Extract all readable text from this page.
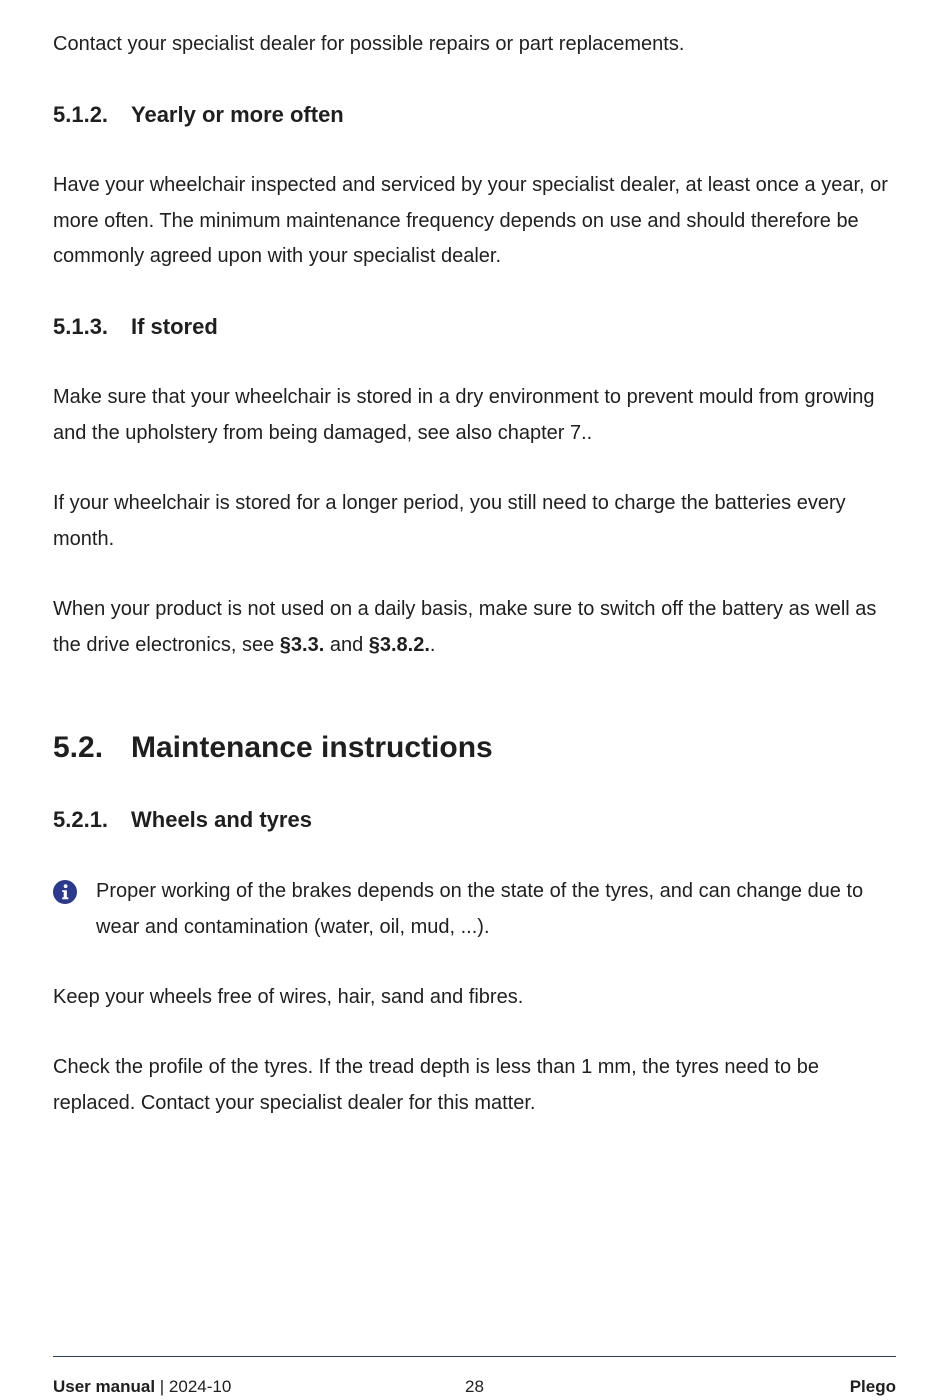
Contact your specialist dealer for possible repairs or part replacements.

5.1.2. Yearly or more often

Have your wheelchair inspected and serviced by your specialist dealer, at least once a year, or more often. The minimum maintenance frequency depends on use and should therefore be commonly agreed upon with your specialist dealer.

5.1.3. If stored

Make sure that your wheelchair is stored in a dry environment to prevent mould from growing and the upholstery from being damaged, see also chapter 7..

If your wheelchair is stored for a longer period, you still need to charge the batteries every month.

When your product is not used on a daily basis, make sure to switch off the battery as well as the drive electronics, see §3.3. and §3.8.2..

5.2. Maintenance instructions
5.2.1. Wheels and tyres

Proper working of the brakes depends on the state of the tyres, and can change due to wear and contamination (water, oil, mud, ...).

Keep your wheels free of wires, hair, sand and fibres.

Check the profile of the tyres. If the tread depth is less than 1 mm, the tyres need to be replaced. Contact your specialist dealer for this matter.

User manual | 2024-10	28	Plego
